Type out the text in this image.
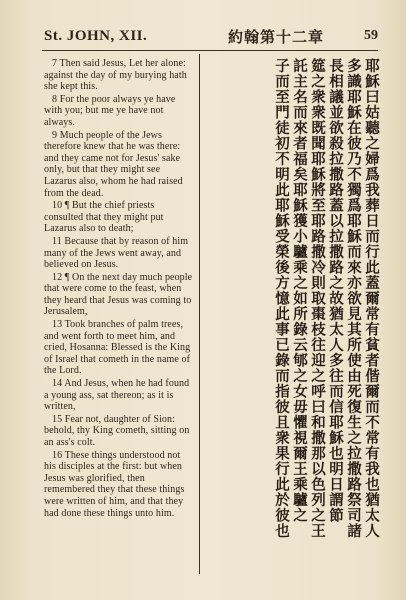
St. JOHN, XII.	約翰第十二章	59

7 Then said Jesus, Let her alone: against the day of my burying hath she kept this.

8 For the poor always ye have with you; but me ye have not always.

9 Much people of the Jews therefore knew that he was there: and they came not for Jesus' sake only, but that they might see Lazarus also, whom he had raised from the dead.

10 ¶ But the chief priests consulted that they might put Lazarus also to death;

11 Because that by reason of him many of the Jews went away, and believed on Jesus.

12 ¶ On the next day much people that were come to the feast, when they heard that Jesus was coming to Jerusalem,

13 Took branches of palm trees, and went forth to meet him, and cried, Hosanna: Blessed is the King of Israel that cometh in the name of the Lord.

14 And Jesus, when he had found a young ass, sat thereon; as it is written,

15 Fear not, daughter of Sion: behold, thy King cometh, sitting on an ass's colt.

16 These things understood not his disciples at the first: but when Jesus was glorified, then remembered they that these things were written of him, and that they had done these things unto him.	耶穌曰姑聽之婦爲我葬日而行此蓋爾常有貧者偕爾而不常有我也猶太人
多識耶穌在彼乃不獨爲耶穌而來亦欲見其所使由死復生之拉撒路祭司諸
長相議並欲殺拉撒路蓋以拉撒路之故猶太人多往而信耶穌也明日謂節
筵之衆衆既聞耶穌將至耶路撒冷則取棗枝往迎之呼曰和撒那以色列之王
託主名而來者福矣耶穌獲小驢乘之如所錄云郇之女毋懼視爾王乘驢之
子而至門徒初不明此耶穌受榮後方憶此事已錄而指彼且衆果行此於彼也
